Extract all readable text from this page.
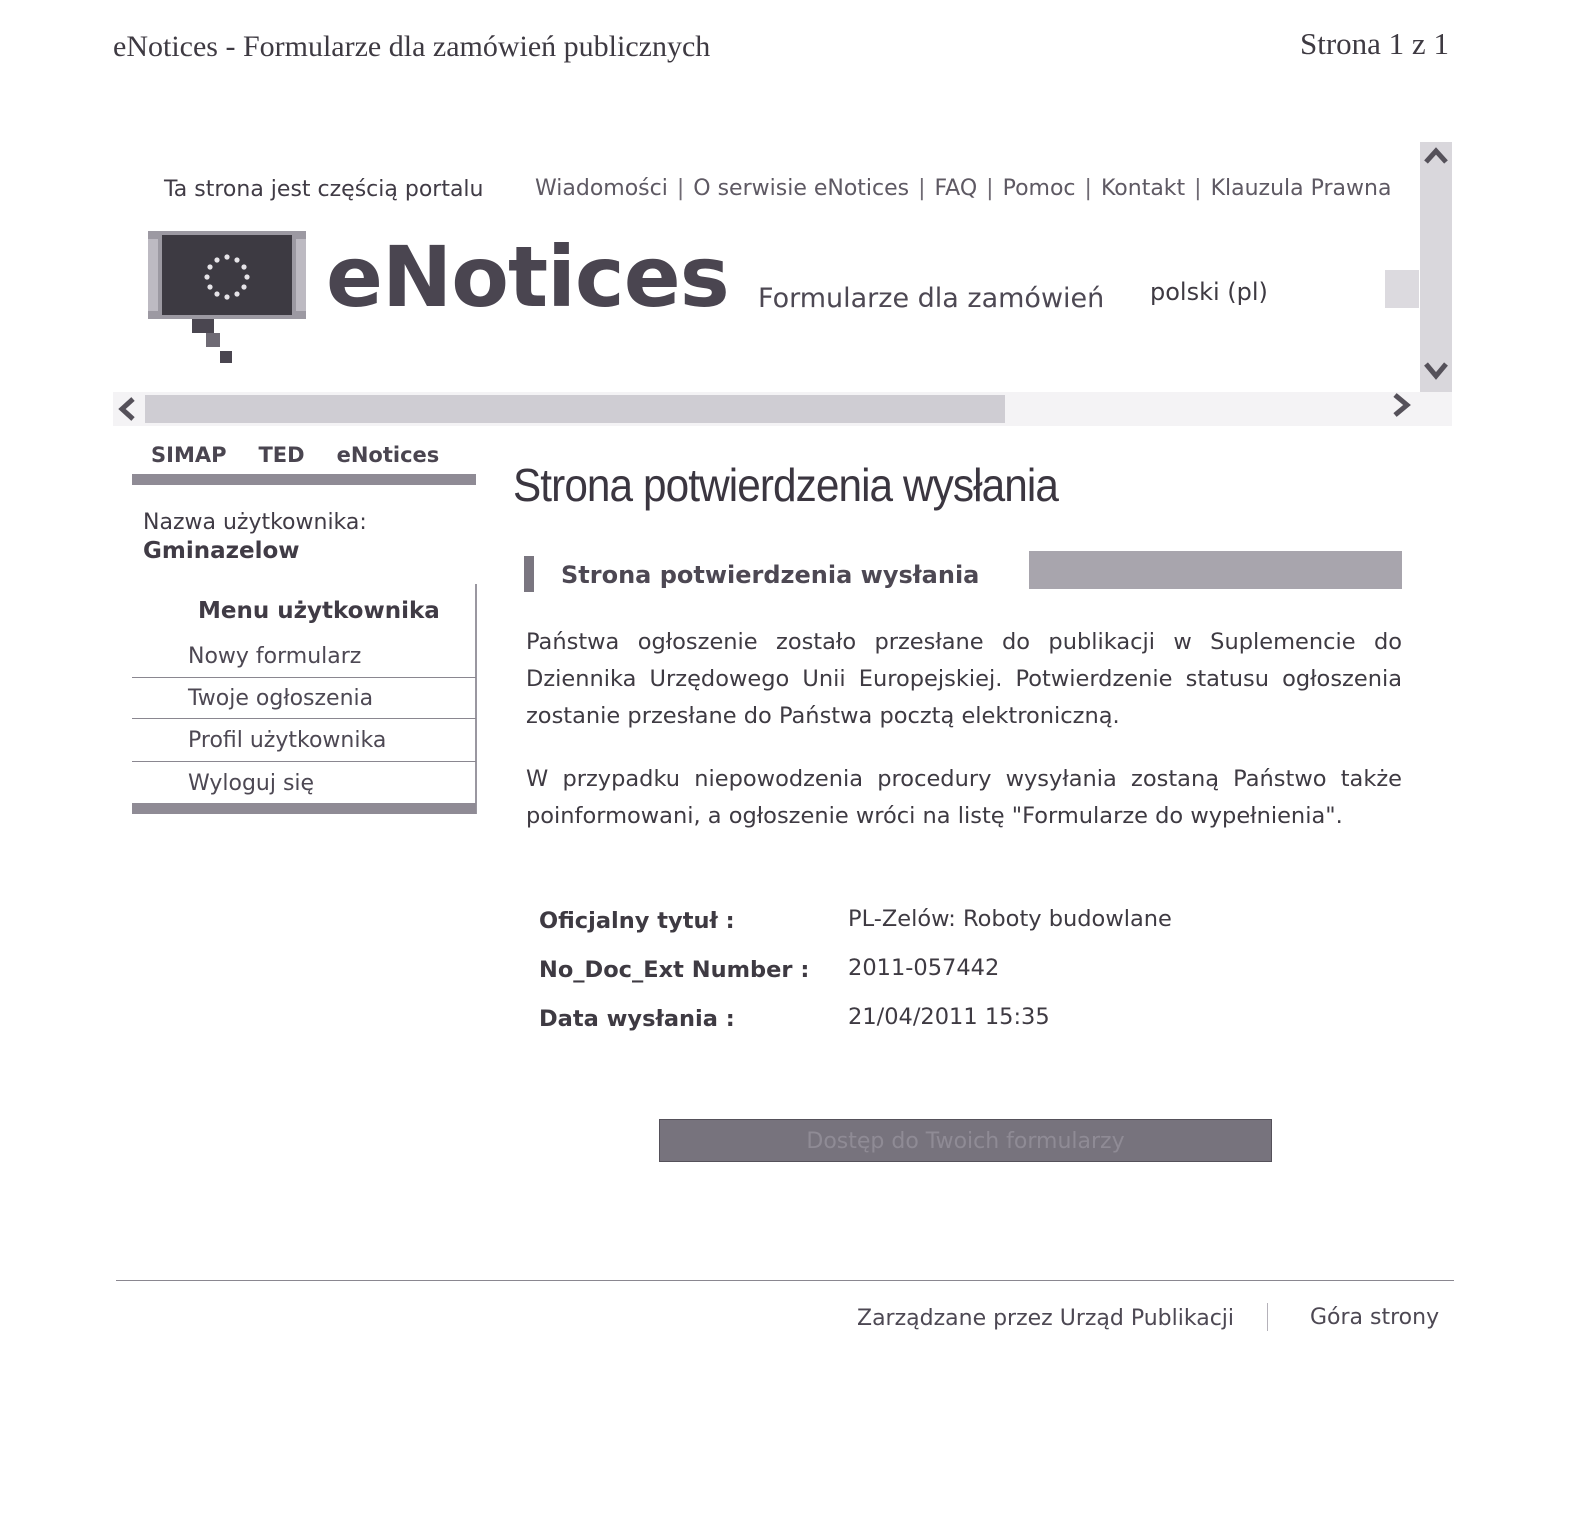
eNotices - Formularze dla zamówień publicznych	Strona 1 z 1
Ta strona jest częścią portalu Wiadomości | O serwisie eNotices | FAQ | Pomoc | Kontakt | Klauzula Prawna
eNotices Formularze dla zamówień polski (pl)
SIMAP TED eNotices
Nazwa użytkownika:
Gminazelow
Menu użytkownika
Nowy formularz
Twoje ogłoszenia
Profil użytkownika
Wyloguj się
Strona potwierdzenia wysłania
Strona potwierdzenia wysłania
Państwa ogłoszenie zostało przesłane do publikacji w Suplemencie do Dziennika Urzędowego Unii Europejskiej. Potwierdzenie statusu ogłoszenia zostanie przesłane do Państwa pocztą elektroniczną.
W przypadku niepowodzenia procedury wysyłania zostaną Państwo także poinformowani, a ogłoszenie wróci na listę "Formularze do wypełnienia".
Oficjalny tytuł :	PL-Zelów: Roboty budowlane
No_Doc_Ext Number : 2011-057442
Data wysłania :	21/04/2011 15:35
Dostęp do Twoich formularzy
Zarządzane przez Urząd Publikacji	Góra strony
